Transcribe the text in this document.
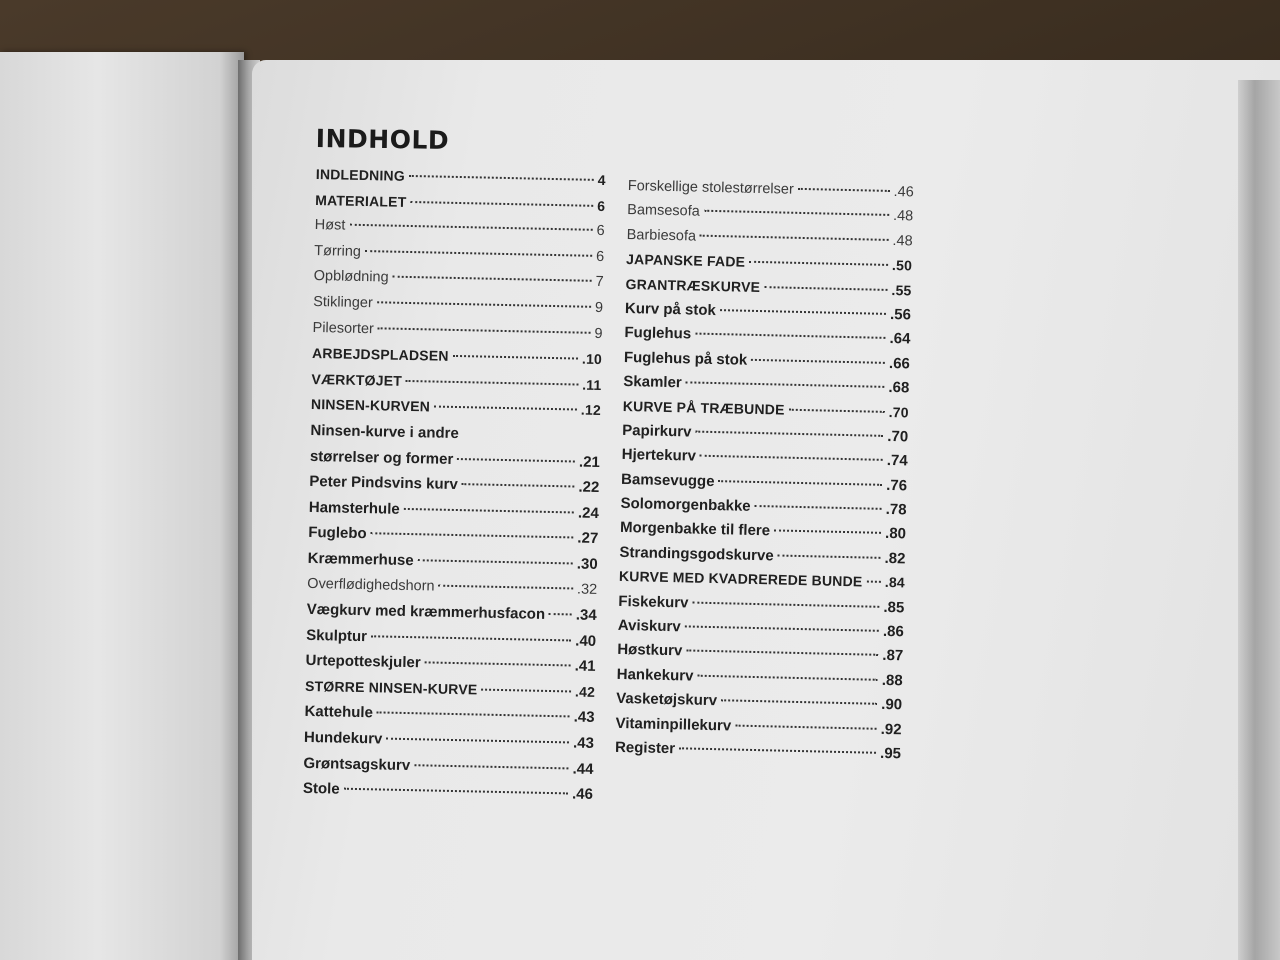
INDHOLD
INDLEDNING	4
MATERIALET	6
Høst	6
Tørring	6
Opblødning	7
Stiklinger	9
Pilesorter	9
ARBEJDSPLADSEN	.10
VÆRKTØJET	.11
NINSEN-KURVEN	.12
Ninsen-kurve i andre
størrelser og former	.21
Peter Pindsvins kurv	.22
Hamsterhule	.24
Fuglebo	.27
Kræmmerhuse	.30
Overflødighedshorn	.32
Vægkurv med kræmmerhusfacon .34
Skulptur	.40
Urtepotteskjuler	.41
STØRRE NINSEN-KURVE	.42
Kattehule	.43
Hundekurv	.43
Grøntsagskurv	.44
Stole	.46
Forskellige stolestørrelser	.46
Bamsesofa	.48
Barbiesofa	.48
JAPANSKE FADE	.50
GRANTRÆSKURVE	.55
Kurv på stok	.56
Fuglehus	.64
Fuglehus på stok	.66
Skamler	.68
KURVE PÅ TRÆBUNDE	.70
Papirkurv	.70
Hjertekurv	.74
Bamsevugge	.76
Solomorgenbakke	.78
Morgenbakke til flere	.80
Strandingsgodskurve	.82
KURVE MED KVADREREDE BUNDE .84
Fiskekurv	.85
Aviskurv	.86
Høstkurv	.87
Hankekurv	.88
Vasketøjskurv	.90
Vitaminpillekurv	.92
Register	.95
